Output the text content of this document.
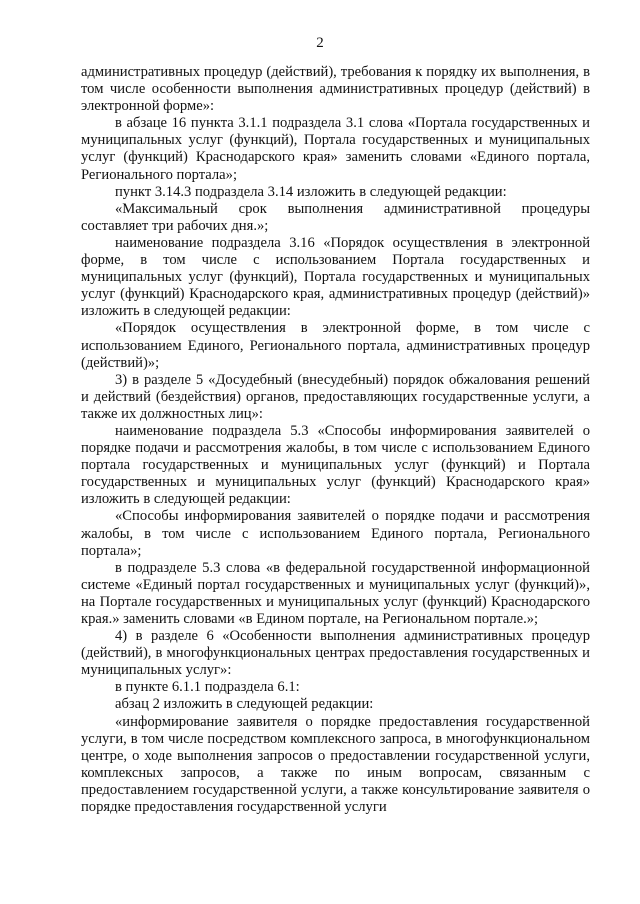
2

административных процедур (действий), требования к порядку их выполнения, в том числе особенности выполнения административных процедур (действий) в электронной форме»:

в абзаце 16 пункта 3.1.1 подраздела 3.1 слова «Портала государственных и муниципальных услуг (функций), Портала государственных и муниципальных услуг (функций) Краснодарского края» заменить словами «Единого портала, Регионального портала»;

пункт 3.14.3 подраздела 3.14 изложить в следующей редакции:

«Максимальный срок выполнения административной процедуры составляет три рабочих дня.»;

наименование подраздела 3.16 «Порядок осуществления в электронной форме, в том числе с использованием Портала государственных и муниципальных услуг (функций), Портала государственных и муниципальных услуг (функций) Краснодарского края, административных процедур (действий)» изложить в следующей редакции:

«Порядок осуществления в электронной форме, в том числе с использованием Единого, Регионального портала, административных процедур (действий)»;

3) в разделе 5 «Досудебный (внесудебный) порядок обжалования решений и действий (бездействия) органов, предоставляющих государственные услуги, а также их должностных лиц»:

наименование подраздела 5.3 «Способы информирования заявителей о порядке подачи и рассмотрения жалобы, в том числе с использованием Единого портала государственных и муниципальных услуг (функций) и Портала государственных и муниципальных услуг (функций) Краснодарского края» изложить в следующей редакции:

«Способы информирования заявителей о порядке подачи и рассмотрения жалобы, в том числе с использованием Единого портала, Регионального портала»;

в подразделе 5.3 слова «в федеральной государственной информационной системе «Единый портал государственных и муниципальных услуг (функций)», на Портале государственных и муниципальных услуг (функций) Краснодарского края.» заменить словами «в Едином портале, на Региональном портале.»;

4) в разделе 6 «Особенности выполнения административных процедур (действий), в многофункциональных центрах предоставления государственных и муниципальных услуг»:

в пункте 6.1.1 подраздела 6.1:

абзац 2 изложить в следующей редакции:

«информирование заявителя о порядке предоставления государственной услуги, в том числе посредством комплексного запроса, в многофункциональном центре, о ходе выполнения запросов о предоставлении государственной услуги, комплексных запросов, а также по иным вопросам, связанным с предоставлением государственной услуги, а также консультирование заявителя о порядке предоставления государственной услуги
